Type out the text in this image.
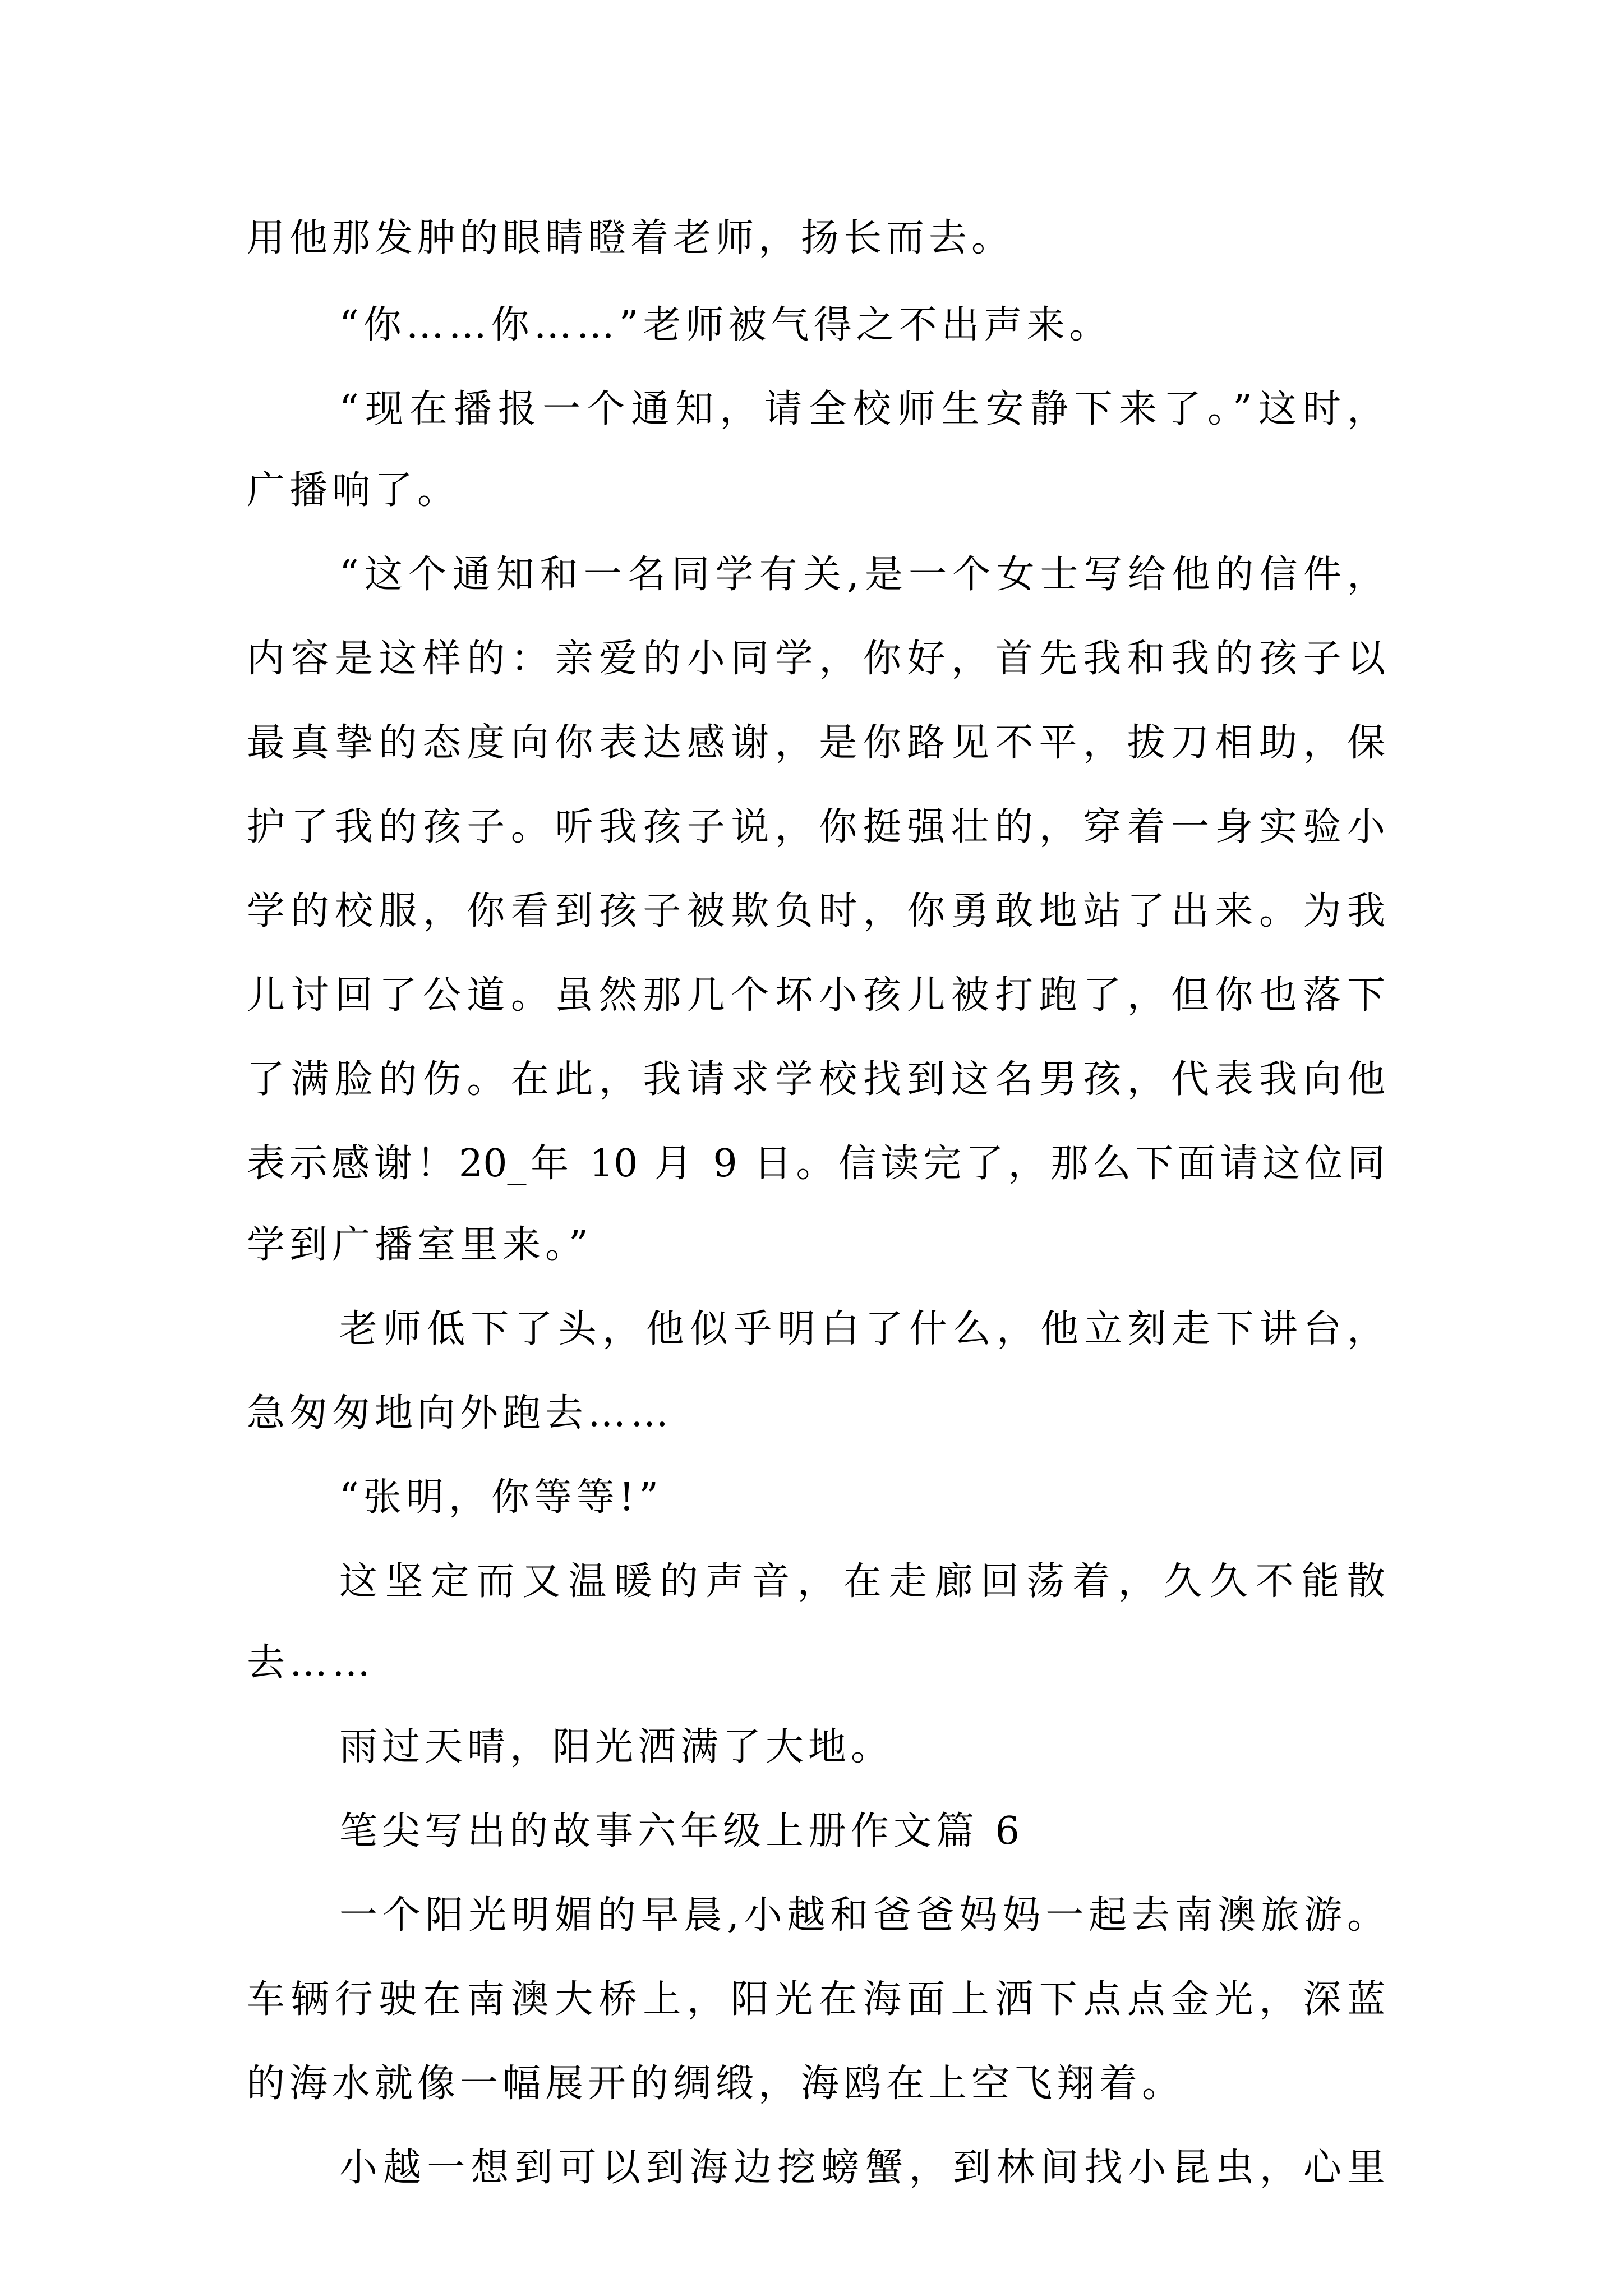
用他那发肿的眼睛瞪着老师，扬长而去。
“你……你……”老师被气得之不出声来。
“现在播报一个通知，请全校师生安静下来了。”这时，
广播响了。
“这个通知和一名同学有关,是一个女士写给他的信件，
内容是这样的：亲爱的小同学，你好，首先我和我的孩子以
最真挚的态度向你表达感谢，是你路见不平，拔刀相助，保
护了我的孩子。听我孩子说，你挺强壮的，穿着一身实验小
学的校服，你看到孩子被欺负时，你勇敢地站了出来。为我
儿讨回了公道。虽然那几个坏小孩儿被打跑了，但你也落下
了满脸的伤。在此，我请求学校找到这名男孩，代表我向他
表示感谢！20_年 10 月 9 日。信读完了，那么下面请这位同
学到广播室里来。”
老师低下了头，他似乎明白了什么，他立刻走下讲台，
急匆匆地向外跑去……
“张明，你等等!”
这坚定而又温暖的声音，在走廊回荡着，久久不能散
去……
雨过天晴，阳光洒满了大地。
笔尖写出的故事六年级上册作文篇 6
一个阳光明媚的早晨,小越和爸爸妈妈一起去南澳旅游。
车辆行驶在南澳大桥上，阳光在海面上洒下点点金光，深蓝
的海水就像一幅展开的绸缎，海鸥在上空飞翔着。
小越一想到可以到海边挖螃蟹，到林间找小昆虫，心里
